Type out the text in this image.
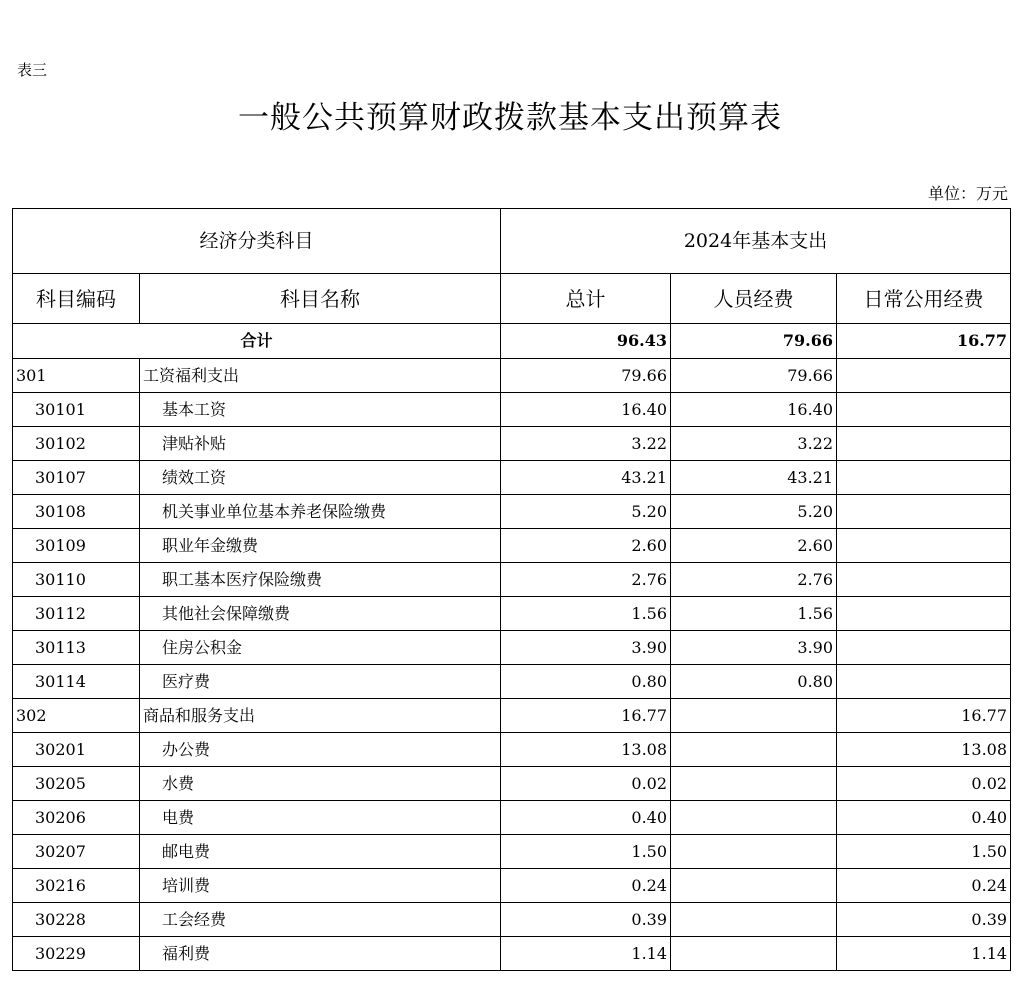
表三
一般公共预算财政拨款基本支出预算表
单位：万元
经济分类科目		2024年基本支出		
科目编码	科目名称	总计	人员经费	日常公用经费
合计		96.43	79.66	16.77
301	工资福利支出	79.66	79.66	
30101	基本工资	16.40	16.40	
30102	津贴补贴	3.22	3.22	
30107	绩效工资	43.21	43.21	
30108	机关事业单位基本养老保险缴费	5.20	5.20	
30109	职业年金缴费	2.60	2.60	
30110	职工基本医疗保险缴费	2.76	2.76	
30112	其他社会保障缴费	1.56	1.56	
30113	住房公积金	3.90	3.90	
30114	医疗费	0.80	0.80	
302	商品和服务支出	16.77		16.77
30201	办公费	13.08		13.08
30205	水费	0.02		0.02
30206	电费	0.40		0.40
30207	邮电费	1.50		1.50
30216	培训费	0.24		0.24
30228	工会经费	0.39		0.39
30229	福利费	1.14		1.14
